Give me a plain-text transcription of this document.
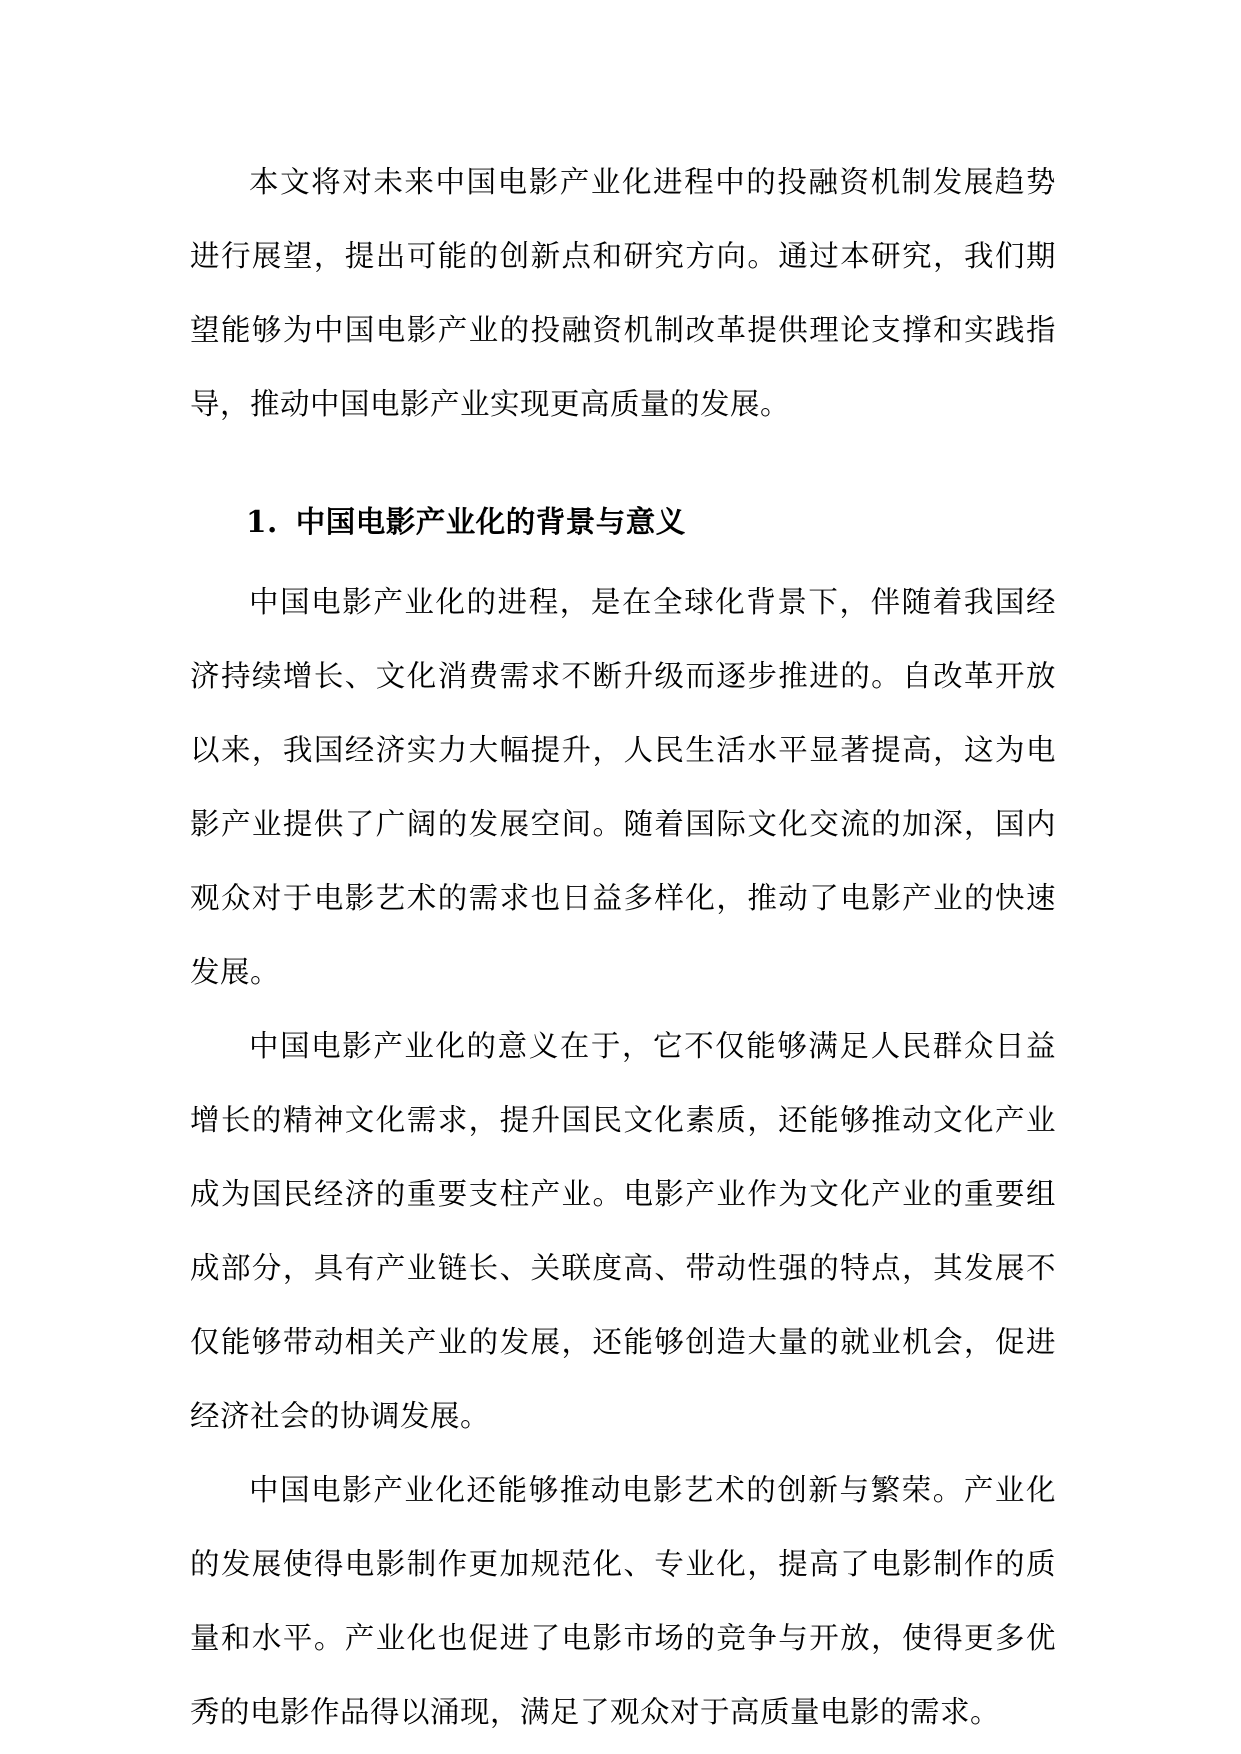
本文将对未来中国电影产业化进程中的投融资机制发展趋势进行展望，提出可能的创新点和研究方向。通过本研究，我们期望能够为中国电影产业的投融资机制改革提供理论支撑和实践指导，推动中国电影产业实现更高质量的发展。

1. 中国电影产业化的背景与意义

中国电影产业化的进程，是在全球化背景下，伴随着我国经济持续增长、文化消费需求不断升级而逐步推进的。自改革开放以来，我国经济实力大幅提升，人民生活水平显著提高，这为电影产业提供了广阔的发展空间。随着国际文化交流的加深，国内观众对于电影艺术的需求也日益多样化，推动了电影产业的快速发展。

中国电影产业化的意义在于，它不仅能够满足人民群众日益增长的精神文化需求，提升国民文化素质，还能够推动文化产业成为国民经济的重要支柱产业。电影产业作为文化产业的重要组成部分，具有产业链长、关联度高、带动性强的特点，其发展不仅能够带动相关产业的发展，还能够创造大量的就业机会，促进经济社会的协调发展。

中国电影产业化还能够推动电影艺术的创新与繁荣。产业化的发展使得电影制作更加规范化、专业化，提高了电影制作的质量和水平。产业化也促进了电影市场的竞争与开放，使得更多优秀的电影作品得以涌现，满足了观众对于高质量电影的需求。
